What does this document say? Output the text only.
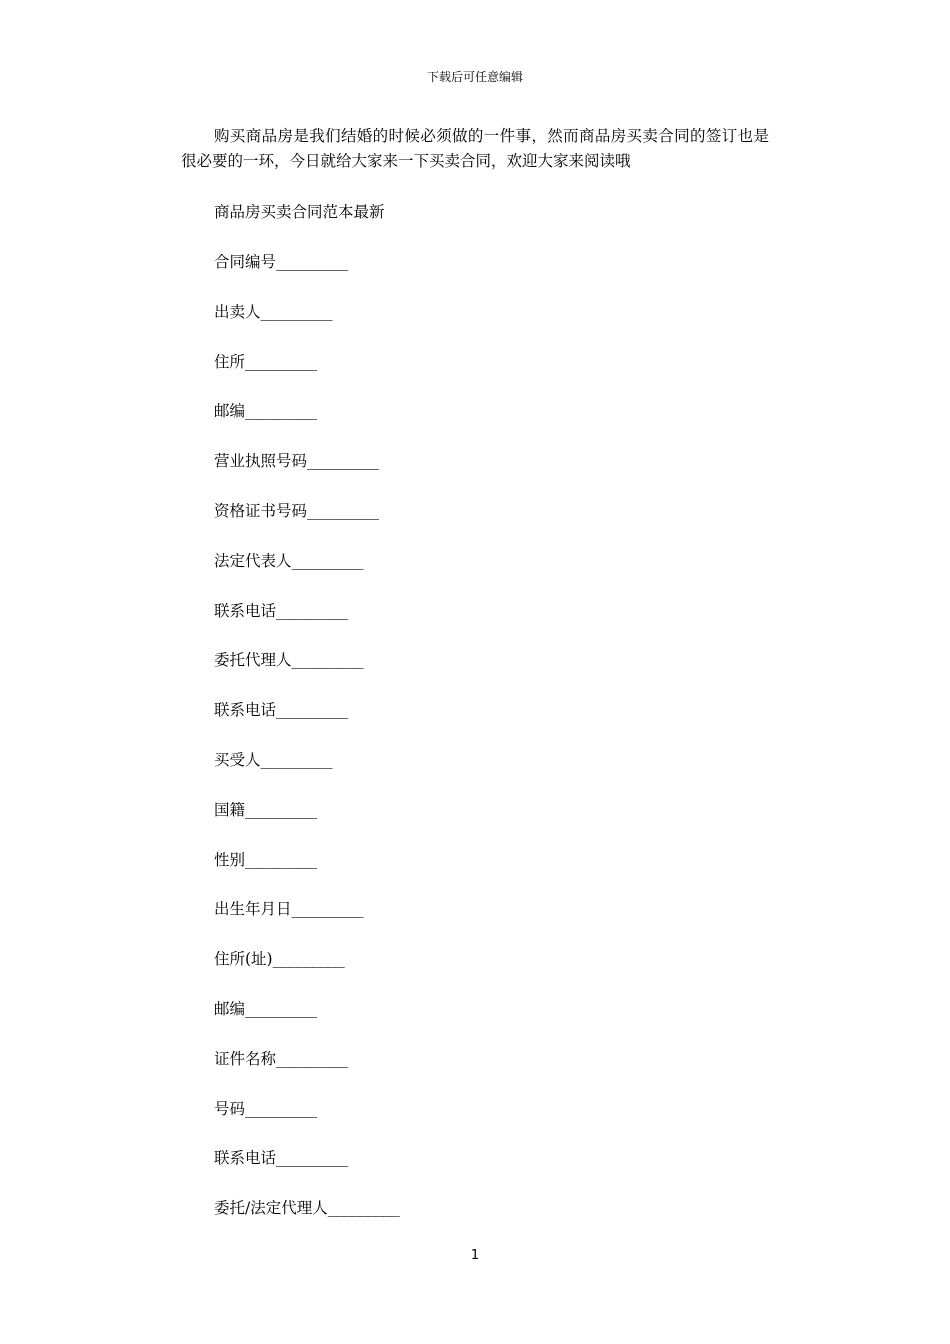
下载后可任意编辑

购买商品房是我们结婚的时候必须做的一件事，然而商品房买卖合同的签订也是很必要的一环，今日就给大家来一下买卖合同，欢迎大家来阅读哦

商品房买卖合同范本最新

合同编号_________
出卖人_________
住所_________
邮编_________
营业执照号码_________
资格证书号码_________
法定代表人_________
联系电话_________
委托代理人_________
联系电话_________
买受人_________
国籍_________
性别_________
出生年月日_________
住所(址)_________
邮编_________
证件名称_________
号码_________
联系电话_________
委托/法定代理人_________
1
